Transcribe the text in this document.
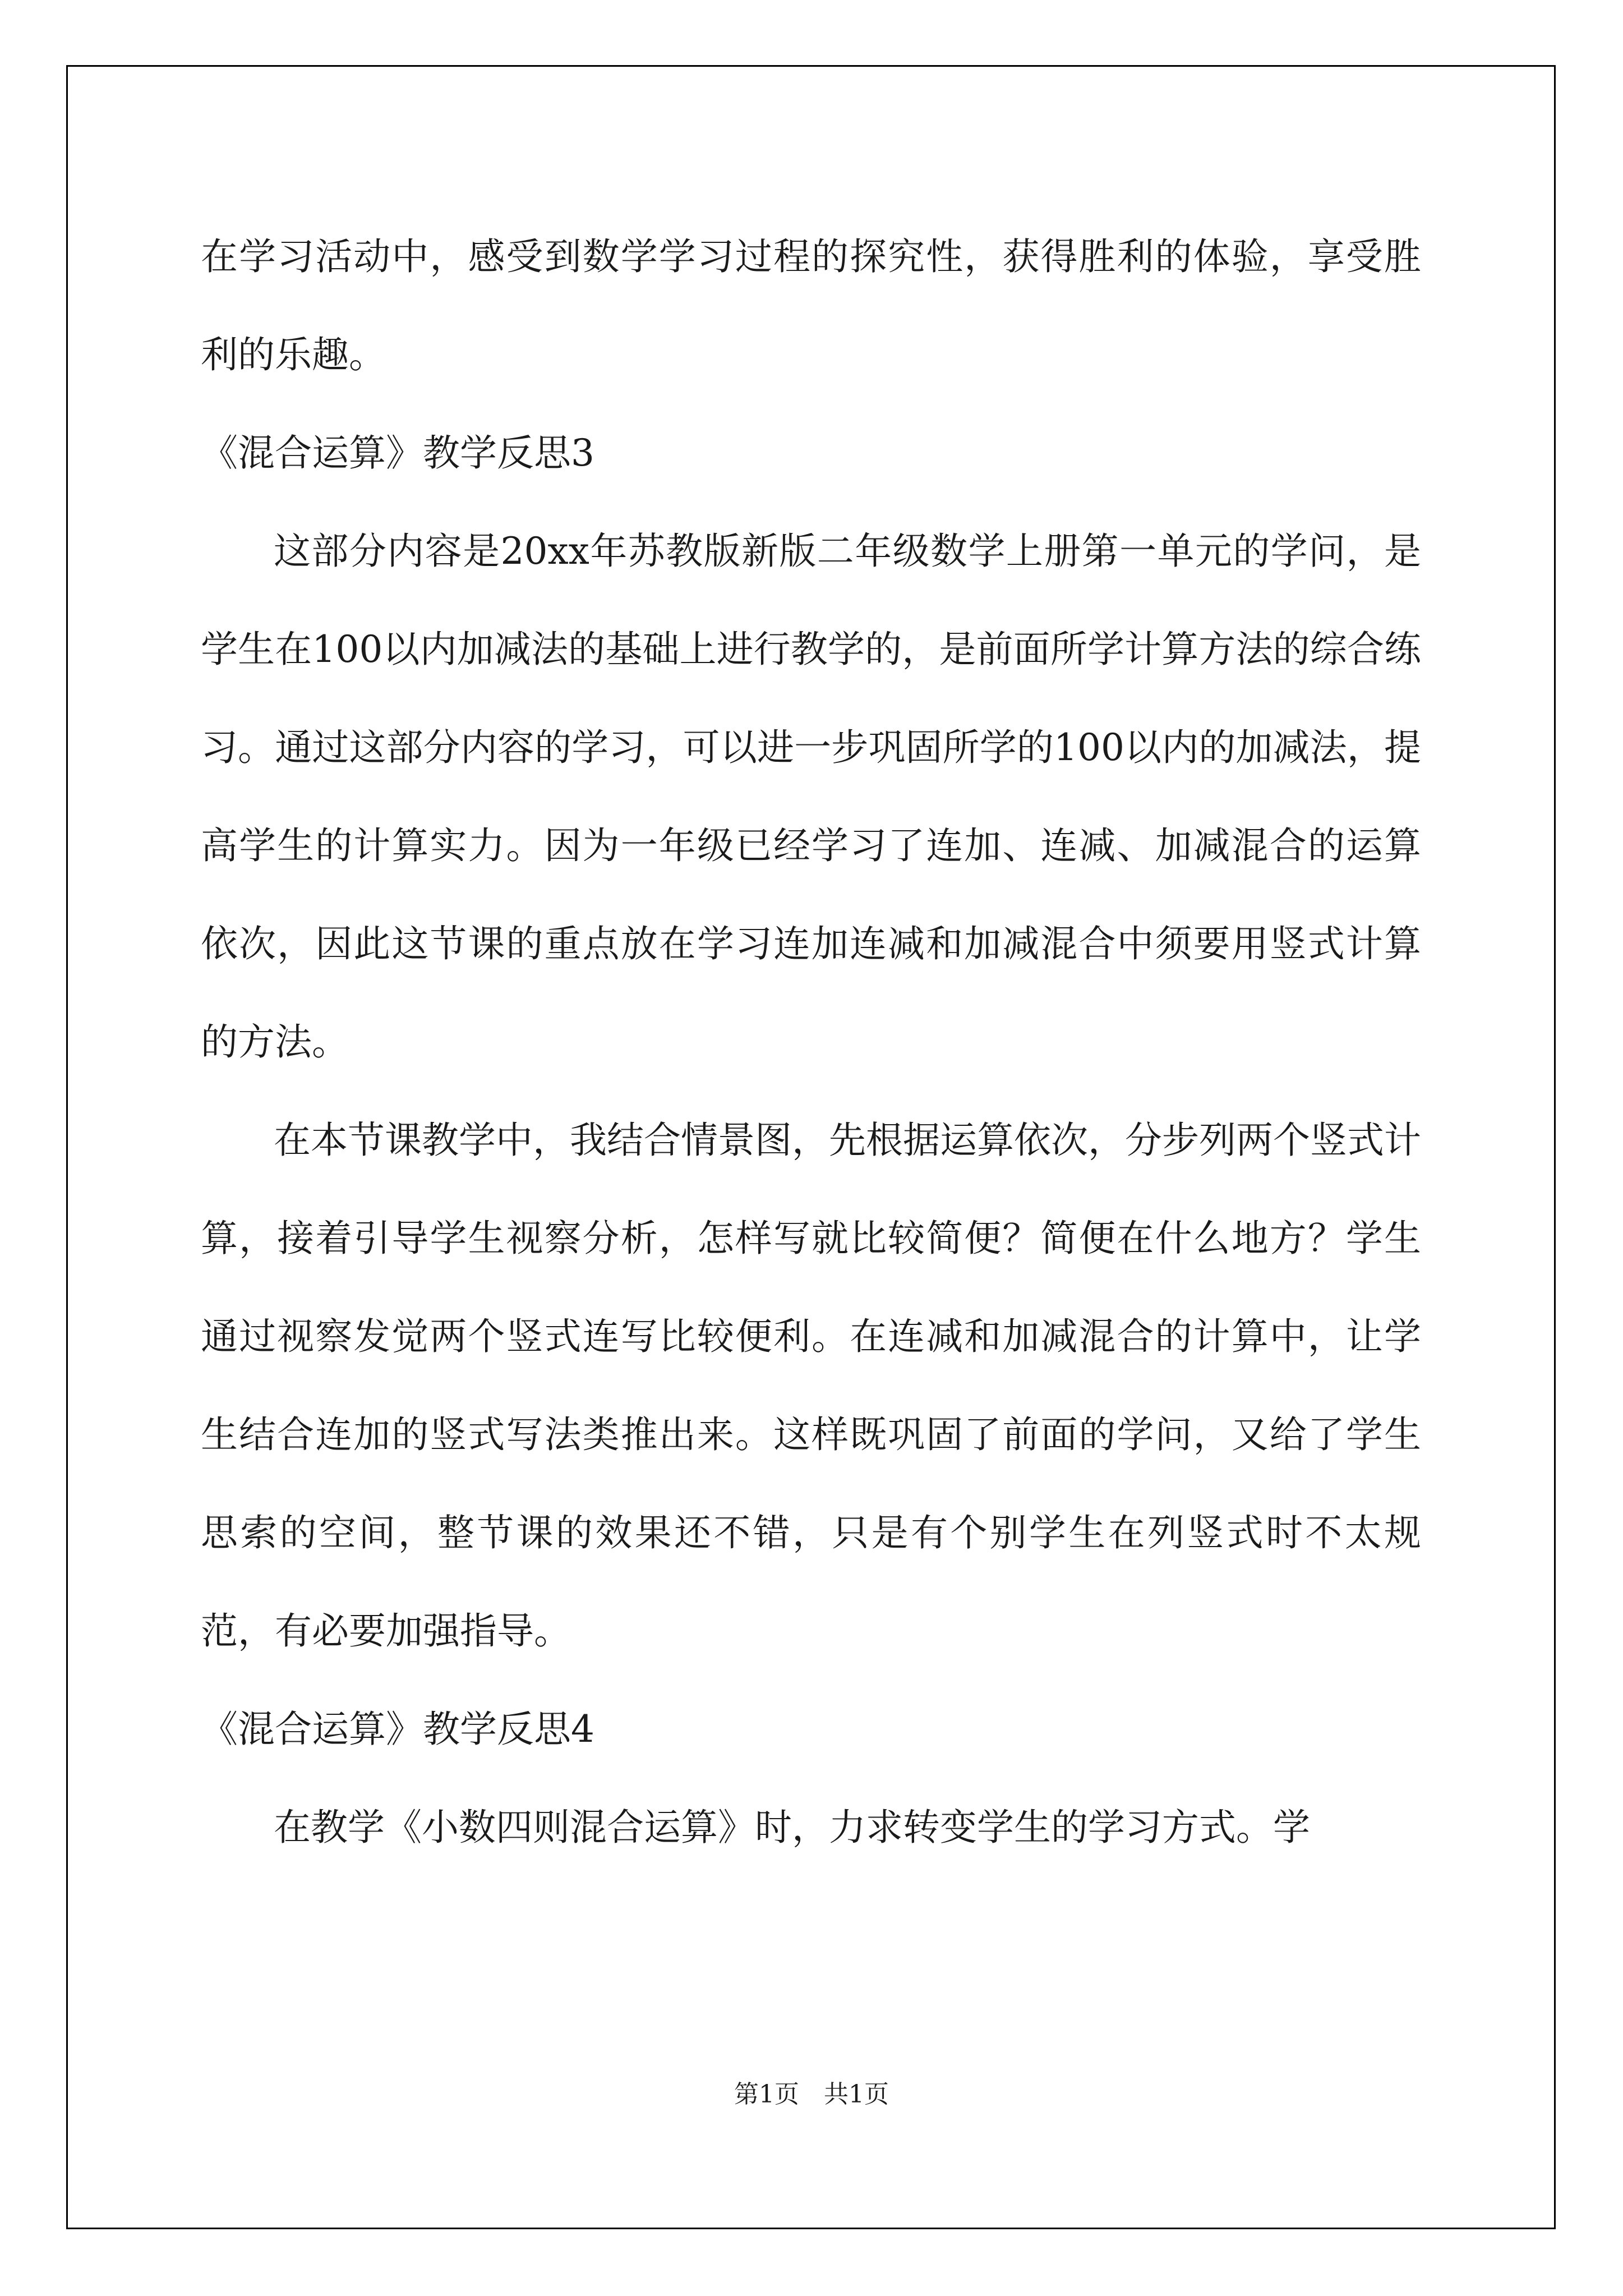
在学习活动中，感受到数学学习过程的探究性，获得胜利的体验，享受胜利的乐趣。

《混合运算》教学反思3

这部分内容是20xx年苏教版新版二年级数学上册第一单元的学问，是学生在100以内加减法的基础上进行教学的，是前面所学计算方法的综合练习。通过这部分内容的学习，可以进一步巩固所学的100以内的加减法，提高学生的计算实力。因为一年级已经学习了连加、连减、加减混合的运算依次，因此这节课的重点放在学习连加连减和加减混合中须要用竖式计算的方法。

在本节课教学中，我结合情景图，先根据运算依次，分步列两个竖式计算，接着引导学生视察分析，怎样写就比较简便？简便在什么地方？学生通过视察发觉两个竖式连写比较便利。在连减和加减混合的计算中，让学生结合连加的竖式写法类推出来。这样既巩固了前面的学问，又给了学生思索的空间，整节课的效果还不错，只是有个别学生在列竖式时不太规范，有必要加强指导。

《混合运算》教学反思4

在教学《小数四则混合运算》时，力求转变学生的学习方式。学

第1页 共1页
